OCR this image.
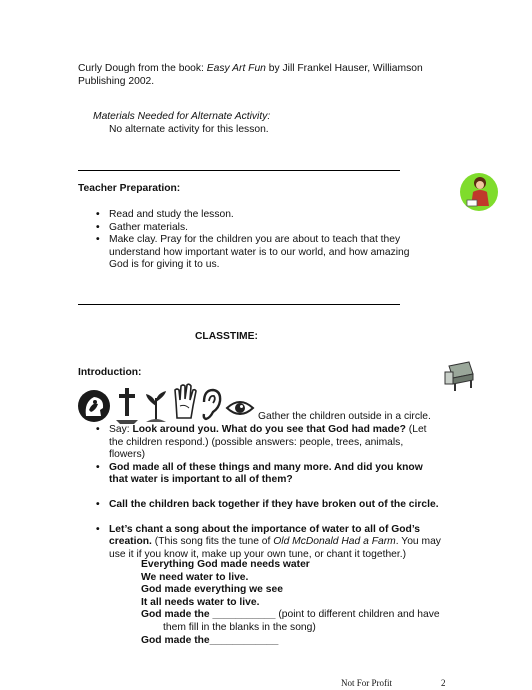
Curly Dough from the book: Easy Art Fun by Jill Frankel Hauser, Williamson
Publishing 2002.
Materials Needed for Alternate Activity:
No alternate activity for this lesson.
Teacher Preparation:
• Read and study the lesson.
• Gather materials.
• Make clay. Pray for the children you are about to teach that they understand how important water is to our world, and how amazing God is for giving it to us.
CLASSTIME:
Introduction:
Gather the children outside in a circle.
• Say: Look around you. What do you see that God had made? (Let the children respond.) (possible answers: people, trees, animals, flowers)
• God made all of these things and many more. And did you know that water is important to all of them?
• Call the children back together if they have broken out of the circle.
• Let’s chant a song about the importance of water to all of God’s creation. (This song fits the tune of Old McDonald Had a Farm. You may use it if you know it, make up your own tune, or chant it together.)
Everything God made needs water
We need water to live.
God made everything we see
It all needs water to live.
God made the ___________ (point to different children and have
them fill in the blanks in the song)
God made the____________
Not For Profit	2
